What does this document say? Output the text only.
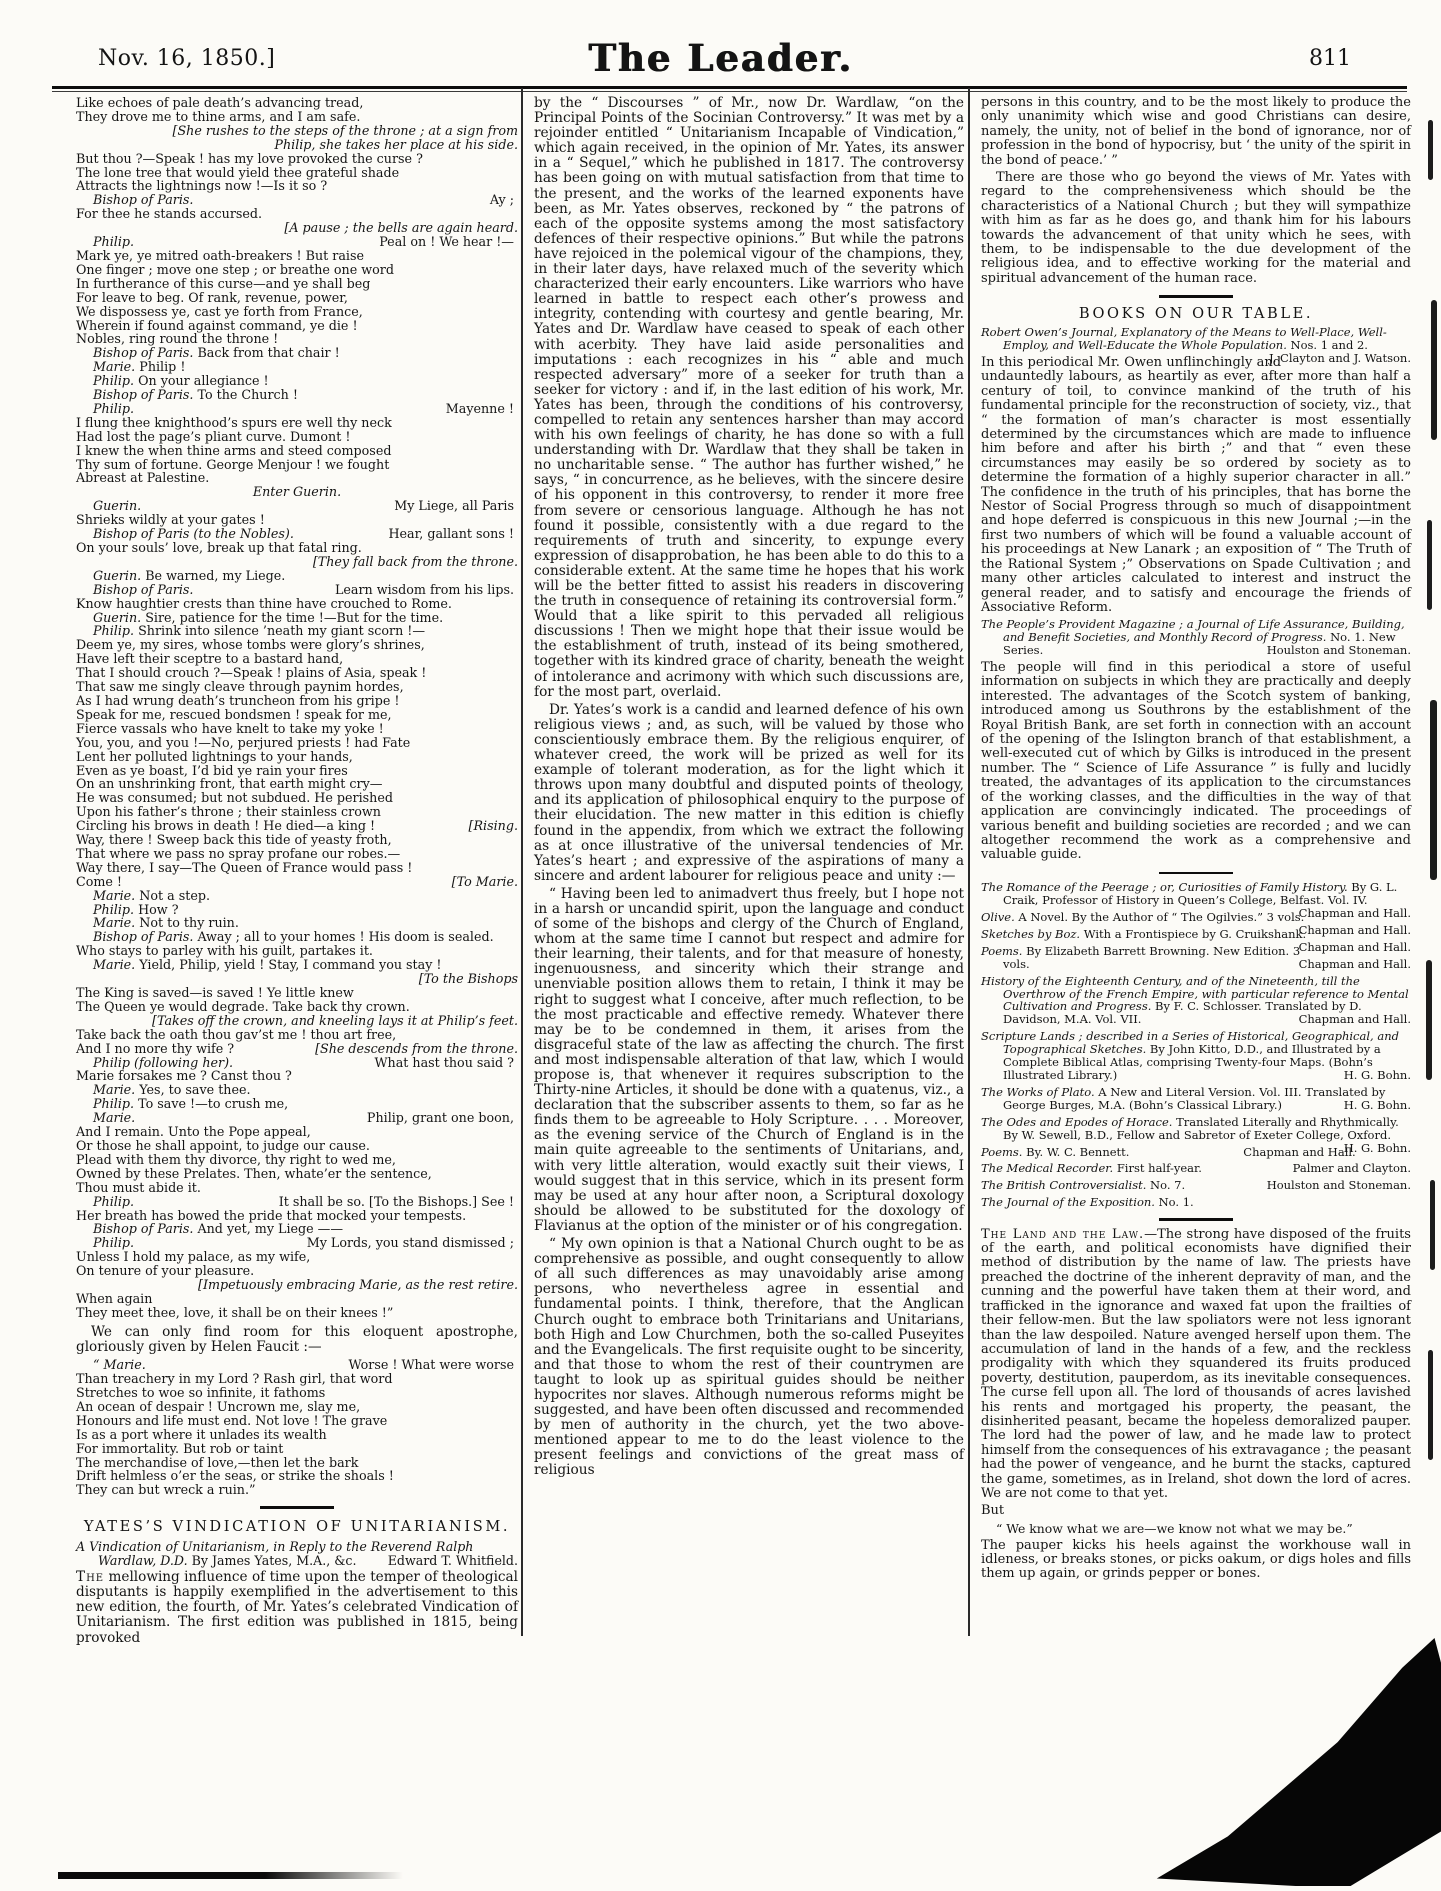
Nov. 16, 1850.]	The Leader.	811
Like echoes of pale death’s advancing tread,
They drove me to thine arms, and I am safe.
[She rushes to the steps of the throne ; at a sign from
Philip, she takes her place at his side.
But thou ?—Speak ! has my love provoked the curse ?
The lone tree that would yield thee grateful shade
Attracts the lightnings now !—Is it so ?
Bishop of Paris.	Ay ;
For thee he stands accursed.
[A pause ; the bells are again heard.
Philip.	Peal on ! We hear !—
Mark ye, ye mitred oath-breakers ! But raise
One finger ; move one step ; or breathe one word
In furtherance of this curse—and ye shall beg
For leave to beg. Of rank, revenue, power,
We dispossess ye, cast ye forth from France,
Wherein if found against command, ye die !
Nobles, ring round the throne !
Bishop of Paris. Back from that chair !
Marie. Philip !
Philip. On your allegiance !
Bishop of Paris. To the Church !
Philip.	Mayenne !
I flung thee knighthood’s spurs ere well thy neck
Had lost the page’s pliant curve. Dumont !
I knew the when thine arms and steed composed
Thy sum of fortune. George Menjour ! we fought
Abreast at Palestine.
Enter Guerin.
Guerin.	My Liege, all Paris
Shrieks wildly at your gates !
Bishop of Paris (to the Nobles).	Hear, gallant sons !
On your souls’ love, break up that fatal ring.
[They fall back from the throne.
Guerin. Be warned, my Liege.
Bishop of Paris.	Learn wisdom from his lips.
Know haughtier crests than thine have crouched to Rome.
Guerin. Sire, patience for the time !—But for the time.
Philip. Shrink into silence ’neath my giant scorn !—
Deem ye, my sires, whose tombs were glory’s shrines,
Have left their sceptre to a bastard hand,
That I should crouch ?—Speak ! plains of Asia, speak !
That saw me singly cleave through paynim hordes,
As I had wrung death’s truncheon from his gripe !
Speak for me, rescued bondsmen ! speak for me,
Fierce vassals who have knelt to take my yoke !
You, you, and you !—No, perjured priests ! had Fate
Lent her polluted lightnings to your hands,
Even as ye boast, I’d bid ye rain your fires
On an unshrinking front, that earth might cry—
He was consumed; but not subdued. He perished
Upon his father’s throne ; their stainless crown
Circling his brows in death ! He died—a king !	[Rising.
Way, there ! Sweep back this tide of yeasty froth,
That where we pass no spray profane our robes.—
Way there, I say—The Queen of France would pass !
Come !	[To Marie.
Marie. Not a step.
Philip. How ?
Marie. Not to thy ruin.
Bishop of Paris. Away ; all to your homes ! His doom is sealed.
Who stays to parley with his guilt, partakes it.
Marie. Yield, Philip, yield ! Stay, I command you stay !
[To the Bishops
The King is saved—is saved ! Ye little knew
The Queen ye would degrade. Take back thy crown.
[Takes off the crown, and kneeling lays it at Philip’s feet.
Take back the oath thou gav’st me ! thou art free,
And I no more thy wife ?	[She descends from the throne.
Philip (following her).	What hast thou said ?
Marie forsakes me ? Canst thou ?
Marie. Yes, to save thee.
Philip. To save !—to crush me,
Marie.	Philip, grant one boon,
And I remain. Unto the Pope appeal,
Or those he shall appoint, to judge our cause.
Plead with them thy divorce, thy right to wed me,
Owned by these Prelates. Then, whate’er the sentence,
Thou must abide it.
Philip.	It shall be so. [To the Bishops.] See !
Her breath has bowed the pride that mocked your tempests.
Bishop of Paris. And yet, my Liege ——
Philip.	My Lords, you stand dismissed ;
Unless I hold my palace, as my wife,
On tenure of your pleasure.
[Impetuously embracing Marie, as the rest retire.
When again
They meet thee, love, it shall be on their knees !”

We can only find room for this eloquent apostrophe, gloriously given by Helen Faucit :—

“ Marie.	Worse ! What were worse
Than treachery in my Lord ? Rash girl, that word
Stretches to woe so infinite, it fathoms
An ocean of despair ! Uncrown me, slay me,
Honours and life must end. Not love ! The grave
Is as a port where it unlades its wealth
For immortality. But rob or taint
The merchandise of love,—then let the bark
Drift helmless o’er the seas, or strike the shoals !
They can but wreck a ruin.”
YATES’S VINDICATION OF UNITARIANISM.
A Vindication of Unitarianism, in Reply to the Reverend Ralph Wardlaw, D.D. By James Yates, M.A., &c. Edward T. Whitfield.

The mellowing influence of time upon the temper of theological disputants is happily exemplified in the advertisement to this new edition, the fourth, of Mr. Yates’s celebrated Vindication of Unitarianism. The first edition was published in 1815, being provoked

by the “ Discourses ” of Mr., now Dr. Wardlaw, “on the Principal Points of the Socinian Controversy.” It was met by a rejoinder entitled “ Unitarianism Incapable of Vindication,” which again received, in the opinion of Mr. Yates, its answer in a “ Sequel,” which he published in 1817. The controversy has been going on with mutual satisfaction from that time to the present, and the works of the learned exponents have been, as Mr. Yates observes, reckoned by “ the patrons of each of the opposite systems among the most satisfactory defences of their respective opinions.” But while the patrons have rejoiced in the polemical vigour of the champions, they, in their later days, have relaxed much of the severity which characterized their early encounters. Like warriors who have learned in battle to respect each other’s prowess and integrity, contending with courtesy and gentle bearing, Mr. Yates and Dr. Wardlaw have ceased to speak of each other with acerbity. They have laid aside personalities and imputations : each recognizes in his “ able and much respected adversary” more of a seeker for truth than a seeker for victory : and if, in the last edition of his work, Mr. Yates has been, through the conditions of his controversy, compelled to retain any sentences harsher than may accord with his own feelings of charity, he has done so with a full understanding with Dr. Wardlaw that they shall be taken in no uncharitable sense. “ The author has further wished,” he says, “ in concurrence, as he believes, with the sincere desire of his opponent in this controversy, to render it more free from severe or censorious language. Although he has not found it possible, consistently with a due regard to the requirements of truth and sincerity, to expunge every expression of disapprobation, he has been able to do this to a considerable extent. At the same time he hopes that his work will be the better fitted to assist his readers in discovering the truth in consequence of retaining its controversial form.” Would that a like spirit to this pervaded all religious discussions ! Then we might hope that their issue would be the establishment of truth, instead of its being smothered, together with its kindred grace of charity, beneath the weight of intolerance and acrimony with which such discussions are, for the most part, overlaid.

Dr. Yates’s work is a candid and learned defence of his own religious views ; and, as such, will be valued by those who conscientiously embrace them. By the religious enquirer, of whatever creed, the work will be prized as well for its example of tolerant moderation, as for the light which it throws upon many doubtful and disputed points of theology, and its application of philosophical enquiry to the purpose of their elucidation. The new matter in this edition is chiefly found in the appendix, from which we extract the following as at once illustrative of the universal tendencies of Mr. Yates’s heart ; and expressive of the aspirations of many a sincere and ardent labourer for religious peace and unity :—

“ Having been led to animadvert thus freely, but I hope not in a harsh or uncandid spirit, upon the language and conduct of some of the bishops and clergy of the Church of England, whom at the same time I cannot but respect and admire for their learning, their talents, and for that measure of honesty, ingenuousness, and sincerity which their strange and unenviable position allows them to retain, I think it may be right to suggest what I conceive, after much reflection, to be the most practicable and effective remedy. Whatever there may be to be condemned in them, it arises from the disgraceful state of the law as affecting the church. The first and most indispensable alteration of that law, which I would propose is, that whenever it requires subscription to the Thirty-nine Articles, it should be done with a quatenus, viz., a declaration that the subscriber assents to them, so far as he finds them to be agreeable to Holy Scripture. . . . Moreover, as the evening service of the Church of England is in the main quite agreeable to the sentiments of Unitarians, and, with very little alteration, would exactly suit their views, I would suggest that in this service, which in its present form may be used at any hour after noon, a Scriptural doxology should be allowed to be substituted for the doxology of Flavianus at the option of the minister or of his congregation.

“ My own opinion is that a National Church ought to be as comprehensive as possible, and ought consequently to allow of all such differences as may unavoidably arise among persons, who nevertheless agree in essential and fundamental points. I think, therefore, that the Anglican Church ought to embrace both Trinitarians and Unitarians, both High and Low Churchmen, both the so-called Puseyites and the Evangelicals. The first requisite ought to be sincerity, and that those to whom the rest of their countrymen are taught to look up as spiritual guides should be neither hypocrites nor slaves. Although numerous reforms might be suggested, and have been often discussed and recommended by men of authority in the church, yet the two above-mentioned appear to me to do the least violence to the present feelings and convictions of the great mass of religious

persons in this country, and to be the most likely to produce the only unanimity which wise and good Christians can desire, namely, the unity, not of belief in the bond of ignorance, nor of profession in the bond of hypocrisy, but ‘ the unity of the spirit in the bond of peace.’ ”

There are those who go beyond the views of Mr. Yates with regard to the comprehensiveness which should be the characteristics of a National Church ; but they will sympathize with him as far as he does go, and thank him for his labours towards the advancement of that unity which he sees, with them, to be indispensable to the due development of the religious idea, and to effective working for the material and spiritual advancement of the human race.

BOOKS ON OUR TABLE.
Robert Owen’s Journal, Explanatory of the Means to Well-Place, Well-Employ, and Well-Educate the Whole Population. Nos. 1 and 2.
J. Clayton and J. Watson.

In this periodical Mr. Owen unflinchingly and undauntedly labours, as heartily as ever, after more than half a century of toil, to convince mankind of the truth of his fundamental principle for the reconstruction of society, viz., that “ the formation of man’s character is most essentially determined by the circumstances which are made to influence him before and after his birth ;” and that “ even these circumstances may easily be so ordered by society as to determine the formation of a highly superior character in all.” The confidence in the truth of his principles, that has borne the Nestor of Social Progress through so much of disappointment and hope deferred is conspicuous in this new Journal ;—in the first two numbers of which will be found a valuable account of his proceedings at New Lanark ; an exposition of “ The Truth of the Rational System ;” Observations on Spade Cultivation ; and many other articles calculated to interest and instruct the general reader, and to satisfy and encourage the friends of Associative Reform.

The People’s Provident Magazine ; a Journal of Life Assurance, Building, and Benefit Societies, and Monthly Record of Progress. No. 1. New Series.	Houlston and Stoneman.

The people will find in this periodical a store of useful information on subjects in which they are practically and deeply interested. The advantages of the Scotch system of banking, introduced among us Southrons by the establishment of the Royal British Bank, are set forth in connection with an account of the opening of the Islington branch of that establishment, a well-executed cut of which by Gilks is introduced in the present number. The “ Science of Life Assurance ” is fully and lucidly treated, the advantages of its application to the circumstances of the working classes, and the difficulties in the way of that application are convincingly indicated. The proceedings of various benefit and building societies are recorded ; and we can altogether recommend the work as a comprehensive and valuable guide.

The Romance of the Peerage ; or, Curiosities of Family History. By G. L. Craik, Professor of History in Queen’s College, Belfast. Vol. IV.
Chapman and Hall.
Olive. A Novel. By the Author of “ The Ogilvies.” 3 vols.
Chapman and Hall.
Sketches by Boz. With a Frontispiece by G. Cruikshank.
Chapman and Hall.
Poems. By Elizabeth Barrett Browning. New Edition. 3 vols.	Chapman and Hall.
History of the Eighteenth Century, and of the Nineteenth, till the Overthrow of the French Empire, with particular reference to Mental Cultivation and Progress. By F. C. Schlosser. Translated by D. Davidson, M.A. Vol. VII.	Chapman and Hall.
Scripture Lands ; described in a Series of Historical, Geographical, and Topographical Sketches. By John Kitto, D.D., and Illustrated by a Complete Biblical Atlas, comprising Twenty-four Maps. (Bohn’s Illustrated Library.)	H. G. Bohn.
The Works of Plato. A New and Literal Version. Vol. III. Translated by George Burges, M.A. (Bohn’s Classical Library.)	H. G. Bohn.
The Odes and Epodes of Horace. Translated Literally and Rhythmically. By W. Sewell, B.D., Fellow and Sabretor of Exeter College, Oxford.
H. G. Bohn.
Poems. By. W. C. Bennett.	Chapman and Hall.
The Medical Recorder. First half-year.	Palmer and Clayton.
The British Controversialist. No. 7.	Houlston and Stoneman.
The Journal of the Exposition. No. 1.

The Land and the Law.—The strong have disposed of the fruits of the earth, and political economists have dignified their method of distribution by the name of law. The priests have preached the doctrine of the inherent depravity of man, and the cunning and the powerful have taken them at their word, and trafficked in the ignorance and waxed fat upon the frailties of their fellow-men. But the law spoliators were not less ignorant than the law despoiled. Nature avenged herself upon them. The accumulation of land in the hands of a few, and the reckless prodigality with which they squandered its fruits produced poverty, destitution, pauperdom, as its inevitable consequences. The curse fell upon all. The lord of thousands of acres lavished his rents and mortgaged his property, the peasant, the disinherited peasant, became the hopeless demoralized pauper. The lord had the power of law, and he made law to protect himself from the consequences of his extravagance ; the peasant had the power of vengeance, and he burnt the stacks, captured the game, sometimes, as in Ireland, shot down the lord of acres. We are not come to that yet.

But

“ We know what we are—we know not what we may be.”

The pauper kicks his heels against the workhouse wall in idleness, or breaks stones, or picks oakum, or digs holes and fills them up again, or grinds pepper or bones.
